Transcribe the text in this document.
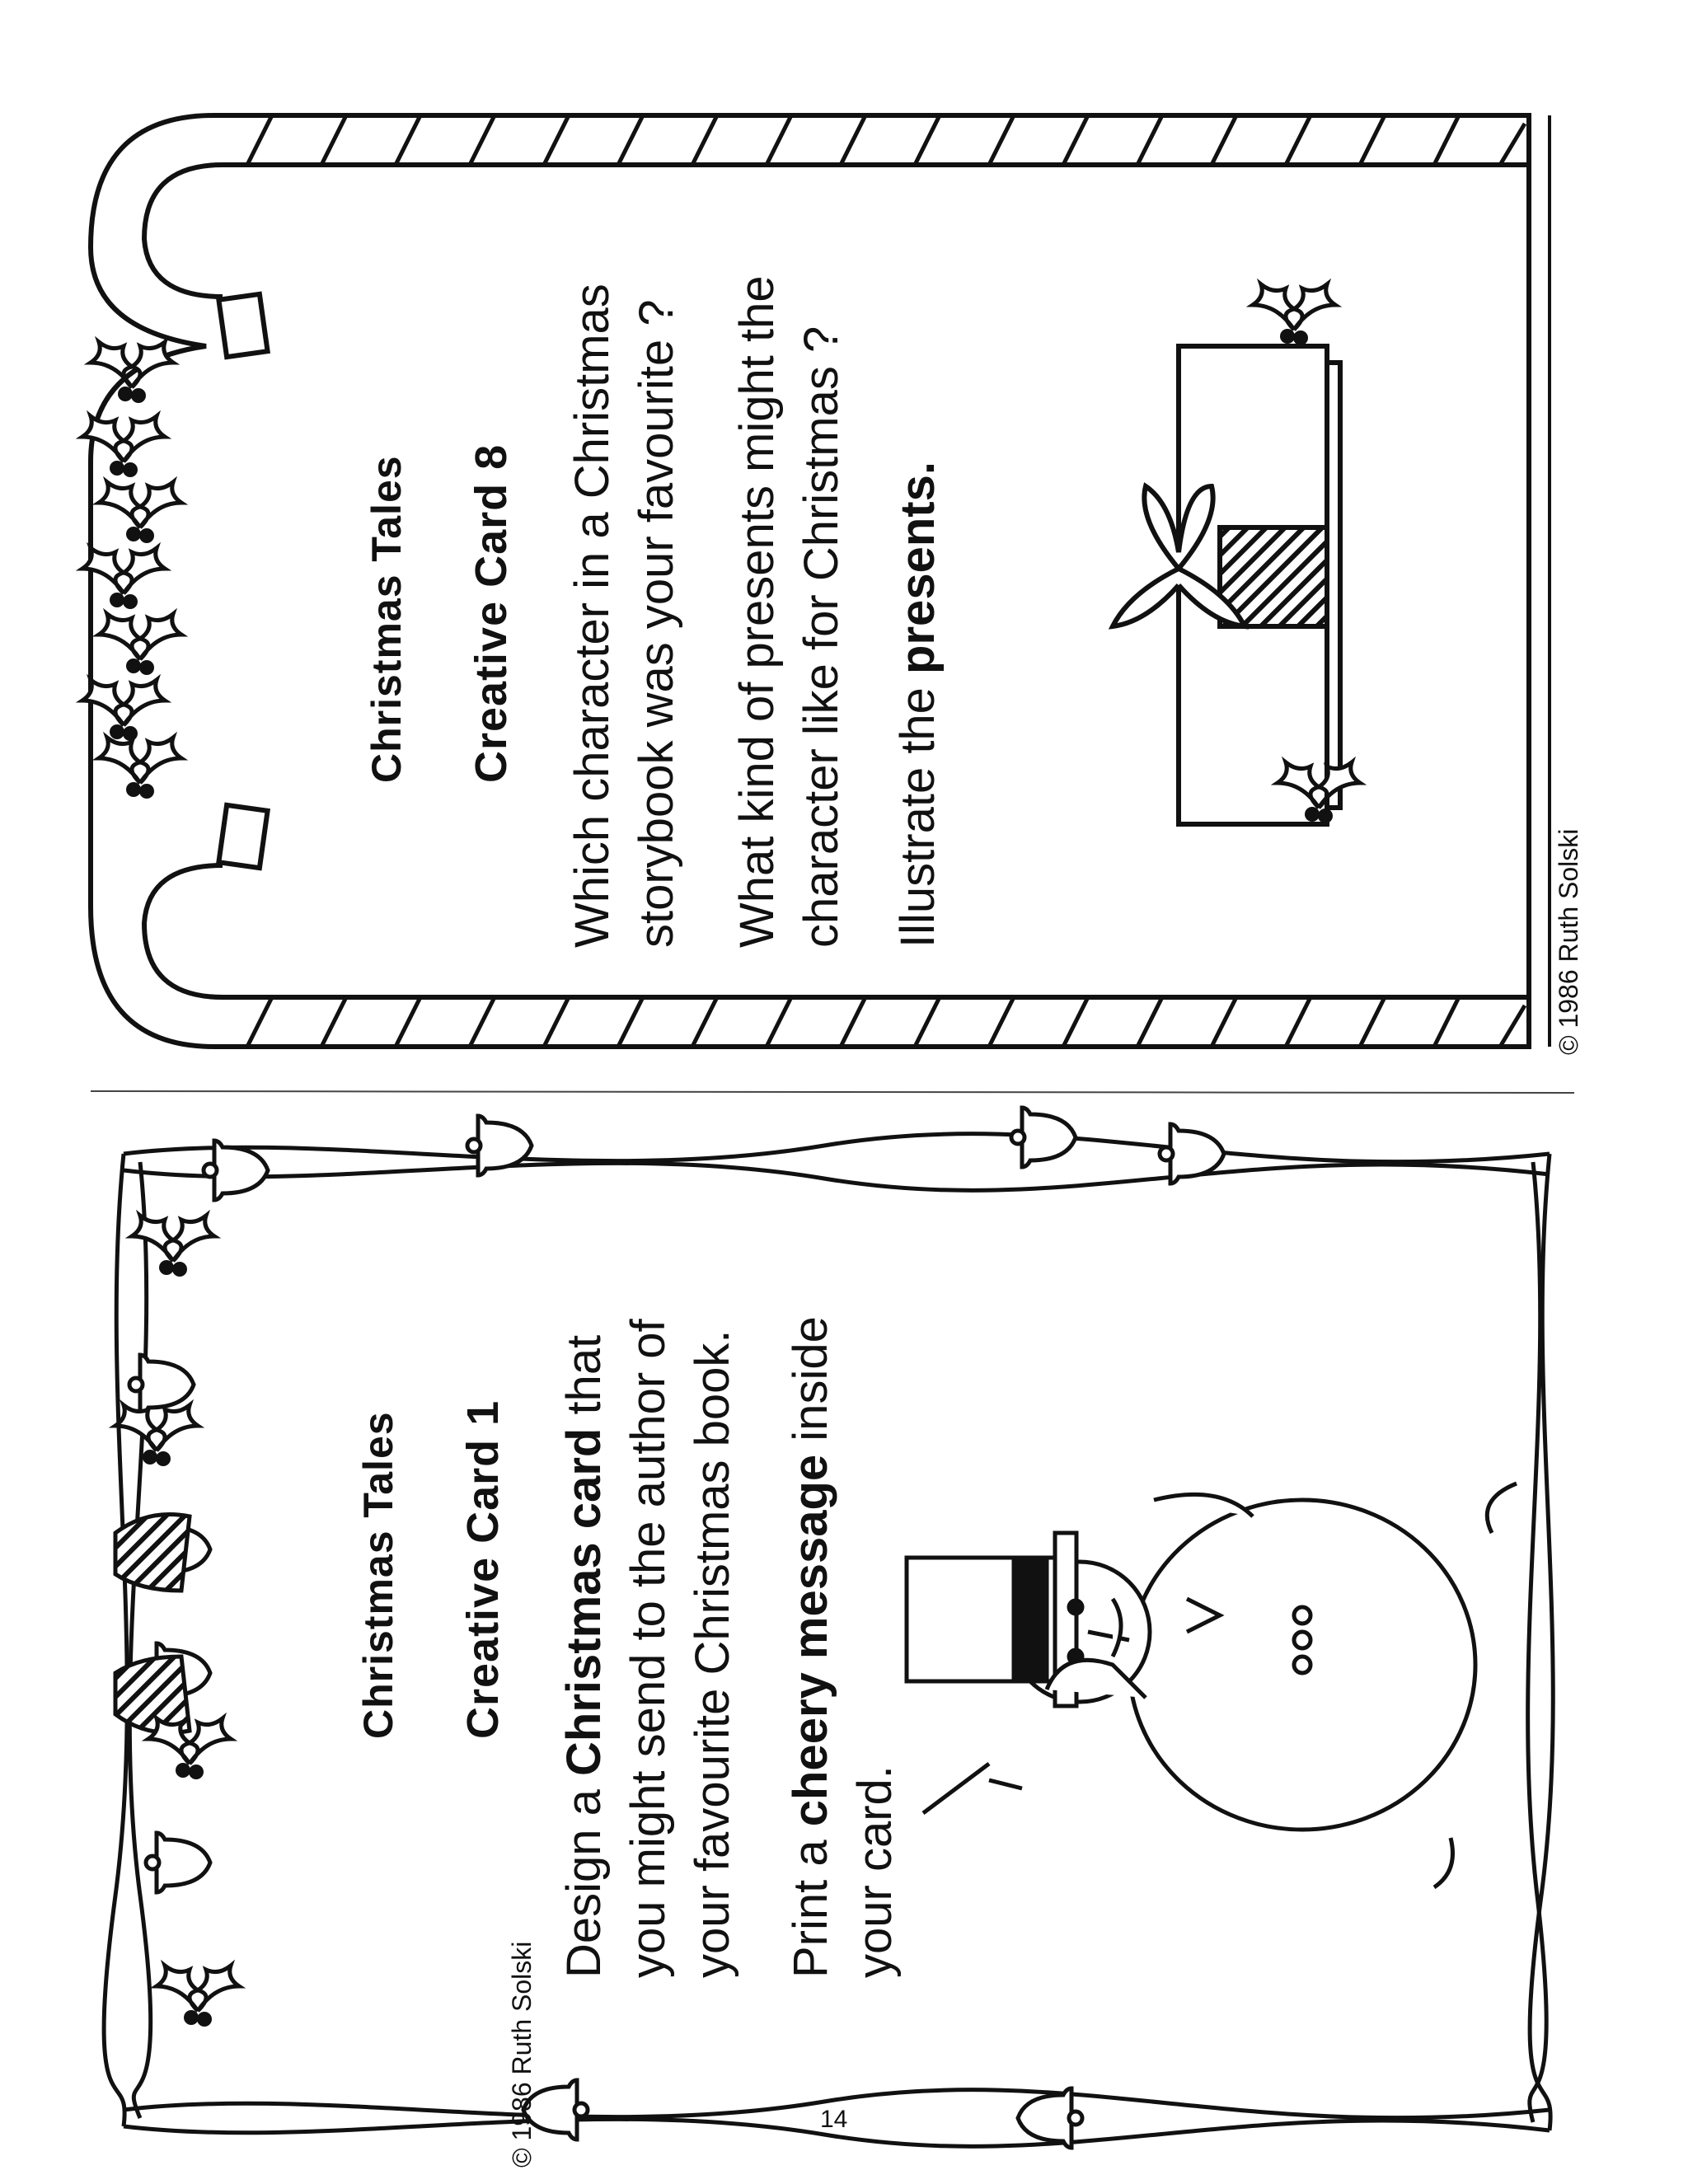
Christmas Tales Creative Card 8 Which character in a Christmas storybook was your favourite ? What kind of presents might the character like for Christmas ? Illustrate the presents.
© 1986 Ruth Solski
Christmas Tales Creative Card 1
Design a Christmas card that you might send to the author of your favourite Christmas book. Print a cheery message inside
your card.
© 1986 Ruth Solski	14
